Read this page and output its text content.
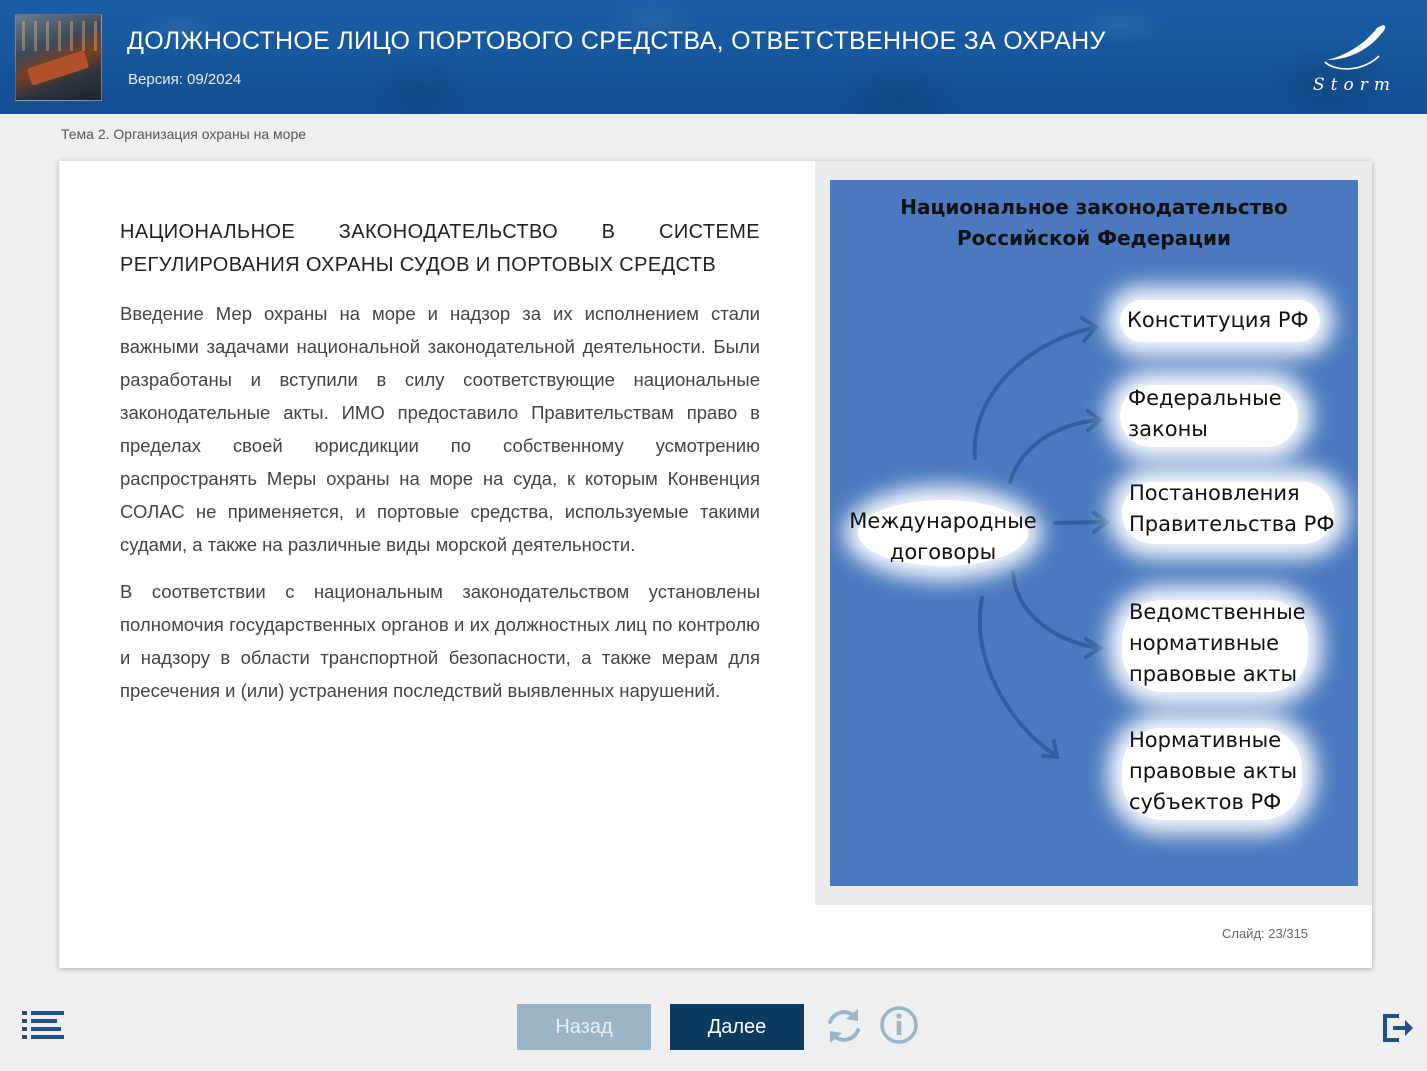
ДОЛЖНОСТНОЕ ЛИЦО ПОРТОВОГО СРЕДСТВА, ОТВЕТСТВЕННОЕ ЗА ОХРАНУ
Версия: 09/2024	Storm
Тема 2. Организация охраны на море
НАЦИОНАЛЬНОЕ ЗАКОНОДАТЕЛЬСТВО В СИСТЕМЕ РЕГУЛИРОВАНИЯ ОХРАНЫ СУДОВ И ПОРТОВЫХ СРЕДСТВ

Введение Мер охраны на море и надзор за их исполнением стали важными задачами национальной законодательной деятельности. Были разработаны и вступили в силу соответствующие национальные законодательные акты. ИМО предоставило Правительствам право в пределах своей юрисдикции по собственному усмотрению распространять Меры охраны на море на суда, к которым Конвенция СОЛАС не применяется, и портовые средства, используемые такими судами, а также на различные виды морской деятельности.

В соответствии с национальным законодательством установлены полномочия государственных органов и их должностных лиц по контролю и надзору в области транспортной безопасности, а также мерам для пресечения и (или) устранения последствий выявленных нарушений.

Национальное законодательство
Российской Федерации
Международные
договоры
Конституция РФ
Федеральные
законы
Постановления
Правительства РФ
Ведомственные
нормативные
правовые акты
Нормативные
правовые акты
субъектов РФ
Слайд: 23/315
Назад	Далее
